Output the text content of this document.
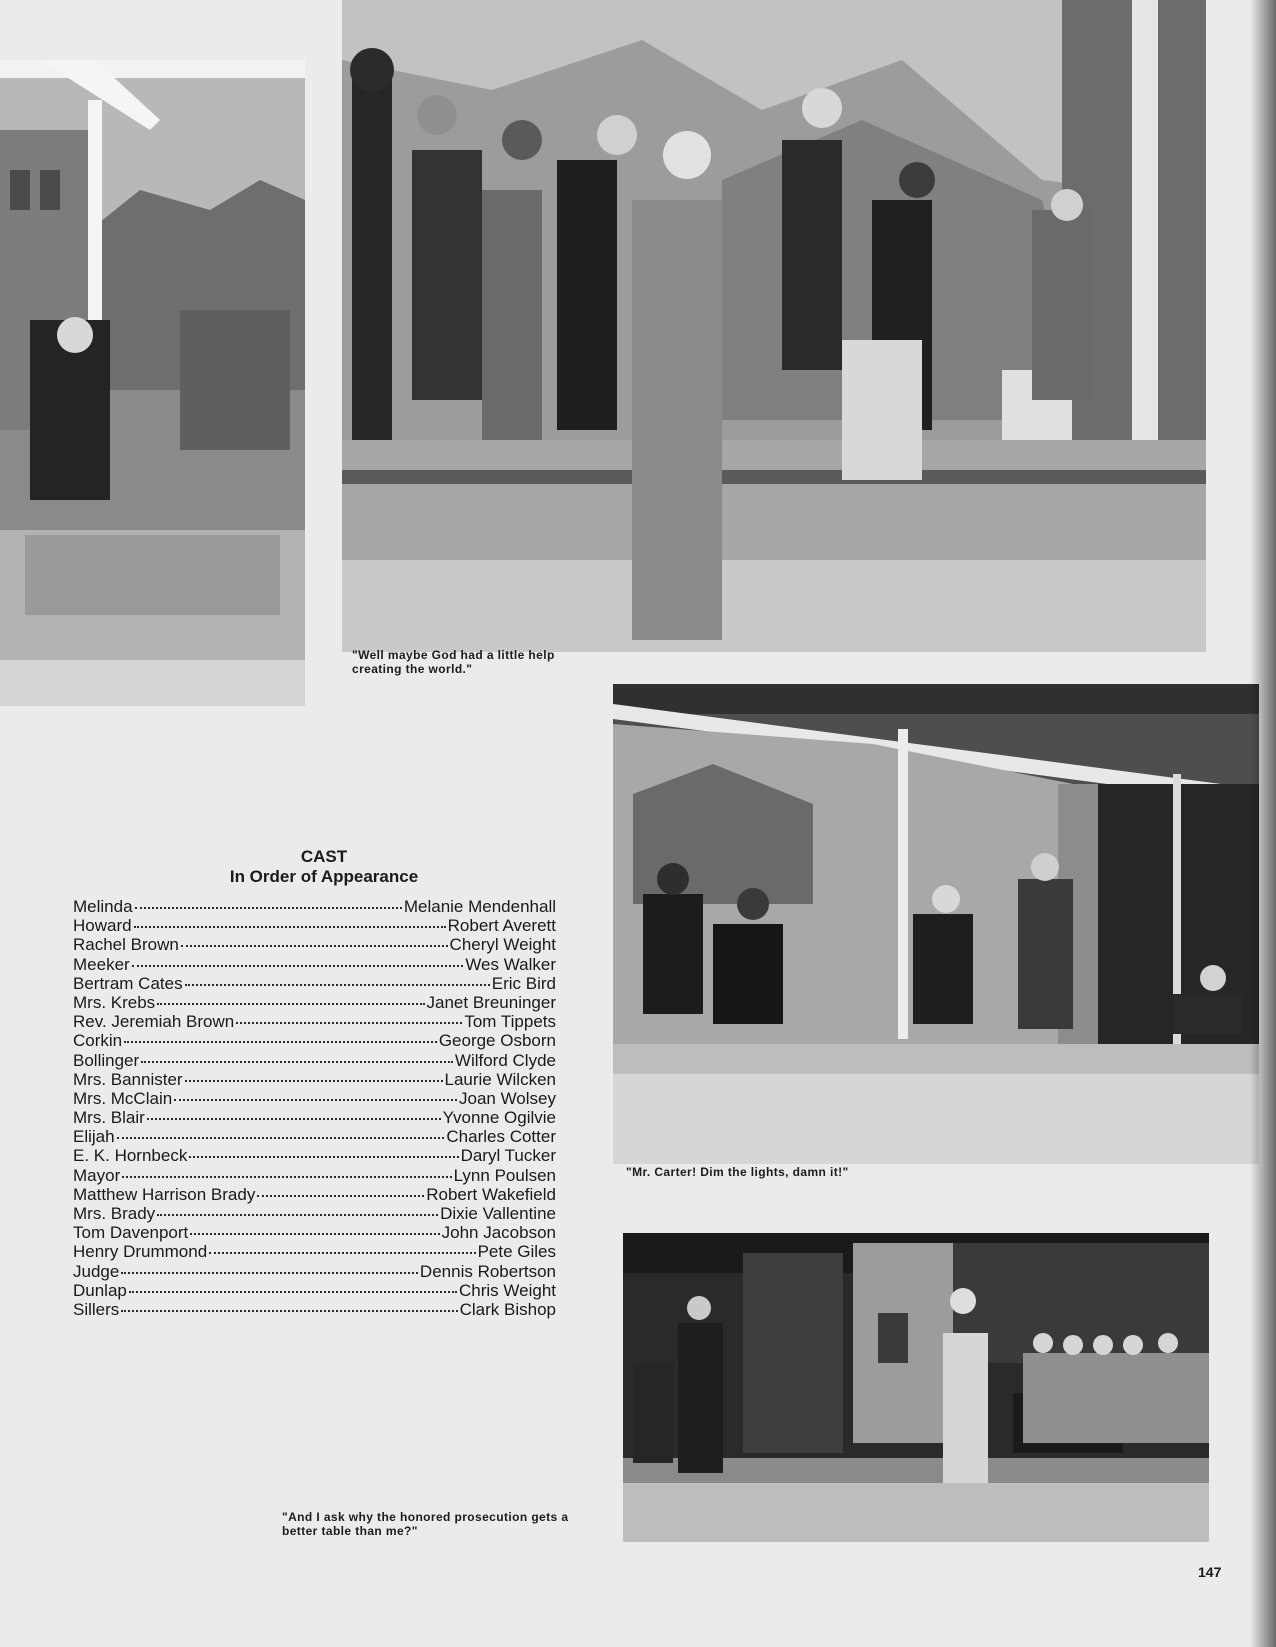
"Well maybe God had a little help creating the world."
"Mr. Carter! Dim the lights, damn it!"
"And I ask why the honored prosecution gets a better table than me?"
CAST
In Order of Appearance
Melinda	Melanie Mendenhall
Howard	Robert Averett
Rachel Brown	Cheryl Weight
Meeker	Wes Walker
Bertram Cates	Eric Bird
Mrs. Krebs	Janet Breuninger
Rev. Jeremiah Brown	Tom Tippets
Corkin	George Osborn
Bollinger	Wilford Clyde
Mrs. Bannister	Laurie Wilcken
Mrs. McClain	Joan Wolsey
Mrs. Blair	Yvonne Ogilvie
Elijah	Charles Cotter
E. K. Hornbeck	Daryl Tucker
Mayor	Lynn Poulsen
Matthew Harrison Brady	Robert Wakefield
Mrs. Brady	Dixie Vallentine
Tom Davenport	John Jacobson
Henry Drummond	Pete Giles
Judge	Dennis Robertson
Dunlap	Chris Weight
Sillers	Clark Bishop
147
